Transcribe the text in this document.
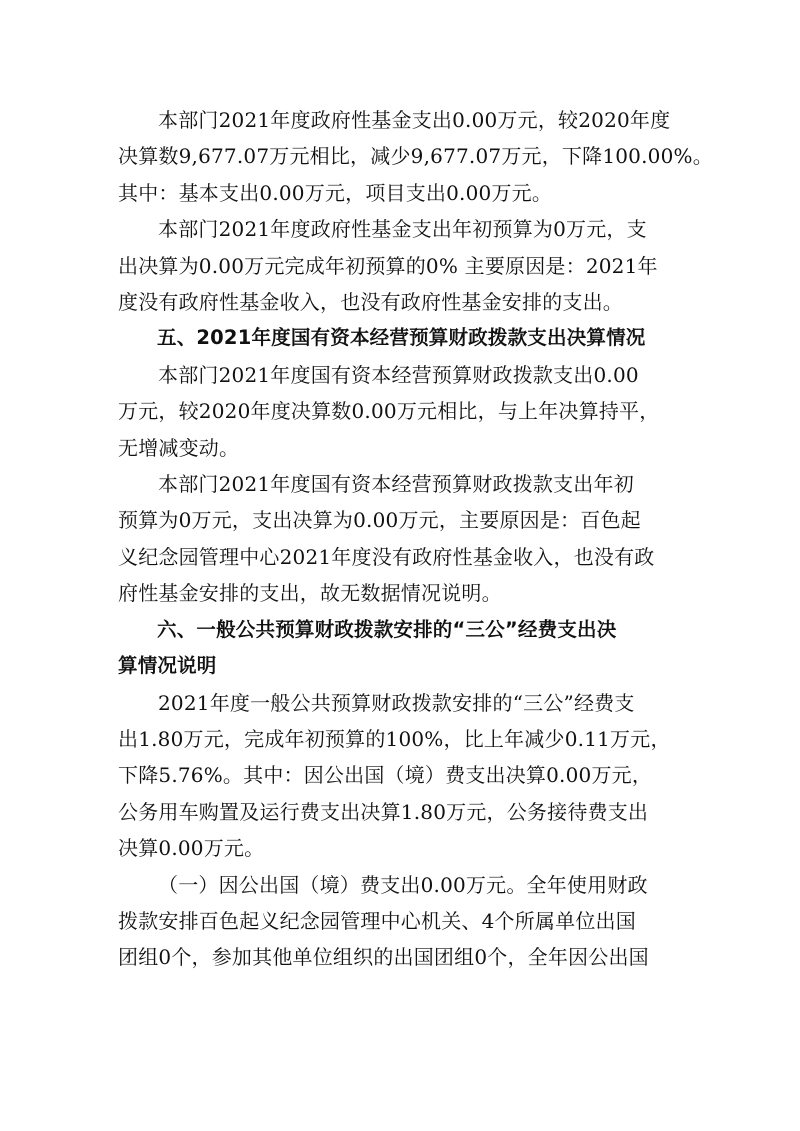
本部门2021年度政府性基金支出0.00万元，较2020年度
决算数9,677.07万元相比，减少9,677.07万元，下降100.00%。
其中：基本支出0.00万元，项目支出0.00万元。

本部门2021年度政府性基金支出年初预算为0万元，支
出决算为0.00万元完成年初预算的0% 主要原因是：2021年
度没有政府性基金收入，也没有政府性基金安排的支出。

五、2021年度国有资本经营预算财政拨款支出决算情况

本部门2021年度国有资本经营预算财政拨款支出0.00
万元，较2020年度决算数0.00万元相比，与上年决算持平，
无增减变动。

本部门2021年度国有资本经营预算财政拨款支出年初
预算为0万元，支出决算为0.00万元，主要原因是：百色起
义纪念园管理中心2021年度没有政府性基金收入，也没有政
府性基金安排的支出，故无数据情况说明。

六、一般公共预算财政拨款安排的“三公”经费支出决
算情况说明

2021年度一般公共预算财政拨款安排的“三公”经费支
出1.80万元，完成年初预算的100%，比上年减少0.11万元，
下降5.76%。其中：因公出国（境）费支出决算0.00万元，
公务用车购置及运行费支出决算1.80万元，公务接待费支出
决算0.00万元。

（一）因公出国（境）费支出0.00万元。全年使用财政
拨款安排百色起义纪念园管理中心机关、4个所属单位出国
团组0个，参加其他单位组织的出国团组0个，全年因公出国
